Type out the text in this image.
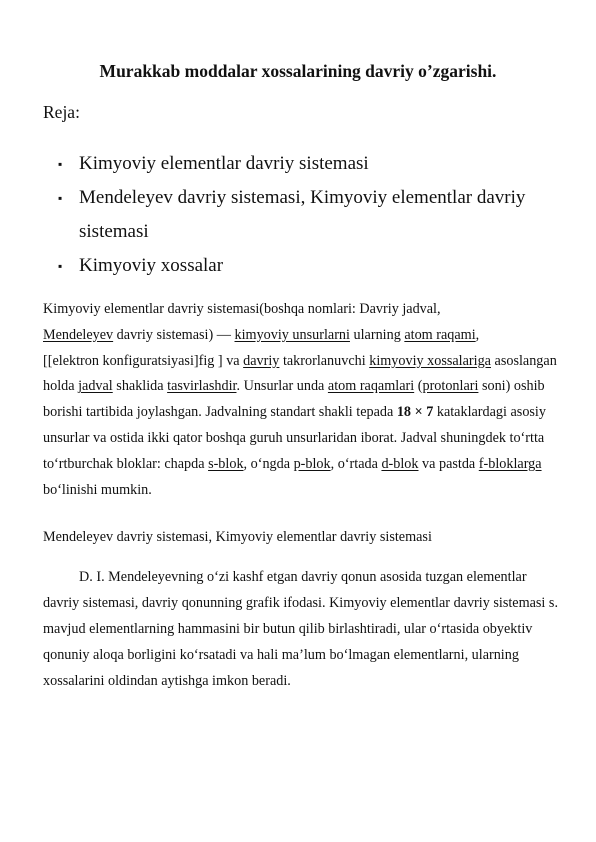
Murakkab moddalar xossalarining davriy o’zgarishi.
Reja:
▪ Kimyoviy elementlar davriy sistemasi
▪ Mendeleyev davriy sistemasi, Kimyoviy elementlar davriy sistemasi
▪ Kimyoviy xossalar

Kimyoviy elementlar davriy sistemasi(boshqa nomlari: Davriy jadval,
Mendeleyev davriy sistemasi) — kimyoviy unsurlarni ularning atom raqami,
[[elektron konfiguratsiyasi]fig ] va davriy takrorlanuvchi kimyoviy xossalariga asoslangan holda jadval shaklida tasvirlashdir. Unsurlar unda atom raqamlari (protonlari soni) oshib borishi tartibida joylashgan. Jadvalning standart shakli tepada 18 × 7 kataklardagi asosiy unsurlar va ostida ikki qator boshqa guruh unsurlaridan iborat. Jadval shuningdek to‘rtta to‘rtburchak bloklar: chapda s-blok, o‘ngda p-blok, o‘rtada d-blok va pastda f-bloklarga bo‘linishi mumkin.

Mendeleyev davriy sistemasi, Kimyoviy elementlar davriy sistemasi

D. I. Mendeleyevning o‘zi kashf etgan davriy qonun asosida tuzgan elementlar davriy sistemasi, davriy qonunning grafik ifodasi. Kimyoviy elementlar davriy sistemasi s. mavjud elementlarning hammasini bir butun qilib birlashtiradi, ular o‘rtasida obyektiv qonuniy aloqa borligini ko‘rsatadi va hali ma’lum bo‘lmagan elementlarni, ularning xossalarini oldindan aytishga imkon beradi.
